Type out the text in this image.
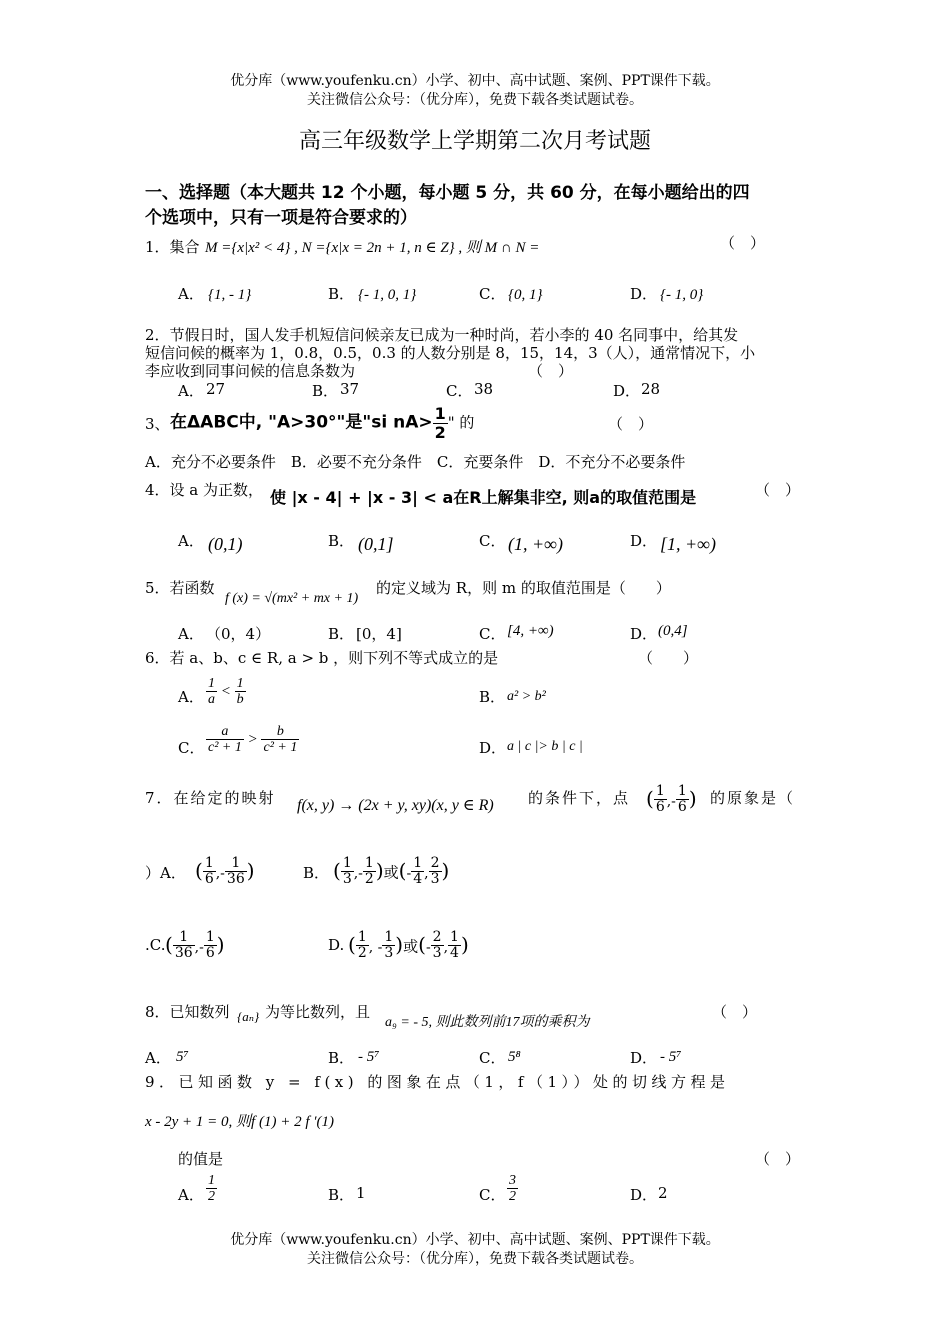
优分库（www.youfenku.cn）小学、初中、高中试题、案例、PPT课件下载。
关注微信公众号：（优分库），免费下载各类试题试卷。
高三年级数学上学期第二次月考试题
一、选择题（本大题共 12 个小题，每小题 5 分，共 60 分，在每小题给出的四
个选项中，只有一项是符合要求的）
1．集合 M ={x|x² < 4} , N ={x|x = 2n + 1, n ∈ Z} , 则 M ∩ N =	（　）
A． {1, - 1}	B． {- 1, 0, 1}	C． {0, 1}	D． {- 1, 0}
2．节假日时，国人发手机短信问候亲友已成为一种时尚，若小李的 40 名同事中，给其发
短信问候的概率为 1，0.8，0.5，0.3 的人数分别是 8，15，14，3（人），通常情况下，小
李应收到同事问候的信息条数为	（　）
A． 27	B． 37	C． 38	D． 28
3、 在ΔABC中, "A>30°"是"si $nA> \frac{1}{2}$ " 的	（　）
A．充分不必要条件　B．必要不充分条件　C．充要条件　D．不充分不必要条件
4．设 a 为正数， 使 |x - 4| + |x - 3| < a在R上解集非空, 则a的取值范围是	（　）
A． (0,1)	B． (0,1]	C． (1, +∞)	D． [1, +∞)
5．若函数
f (x) = √(mx² + mx + 1)
的定义域为 R，则 m 的取值范围是（　　）
A． （0，4）	B． [0，4]	C． [4, +∞)	D． (0,4]
6．若 a、b、c ∈ R, a > b ，则下列不等式成立的是	（　　）
A． $\frac{1}{a} < \frac{1}{b}$	B． a² > b²
C． $\frac{a}{\text{c² + 1}} > \frac{b}{\text{c² + 1}}$	D． a | c |> b | c |
7．在给定的映射 f(x, y) → (2x + y, xy)(x, y ∈ R) 的条件下，点 ( $\frac{1}{6}$ ,- $\frac{1}{6}$ ) 的原象是（
）A． ( $\frac{1}{6}$ ,- $\frac{1}{36}$ )	B． ( $\frac{1}{3}$ ,- $\frac{1}{2}$ )或(- $\frac{1}{4}$ , $\frac{2}{3}$ )
.C. ( $\frac{1}{36}$ ,- $\frac{1}{6}$ )	D. ( $\frac{1}{2}$ , - $\frac{1}{3}$ )或(- $\frac{2}{3}$ , $\frac{1}{4}$ )
8．已知数列 {aₙ} 为等比数列，且
a₉ = - 5, 则此数列前17项的乘积为
（　）
A． 5⁷	B． - 5⁷	C． 5⁸	D． - 5⁷
9．已知函数 y = f(x) 的图象在点（1，f（1））处的切线方程是
x - 2y + 1 = 0, 则f (1) + 2 f ′(1)
的值是	（　）
A． $\frac{1}{2}$	B． 1	C． $\frac{3}{2}$	D． 2
优分库（www.youfenku.cn）小学、初中、高中试题、案例、PPT课件下载。
关注微信公众号：（优分库），免费下载各类试题试卷。
